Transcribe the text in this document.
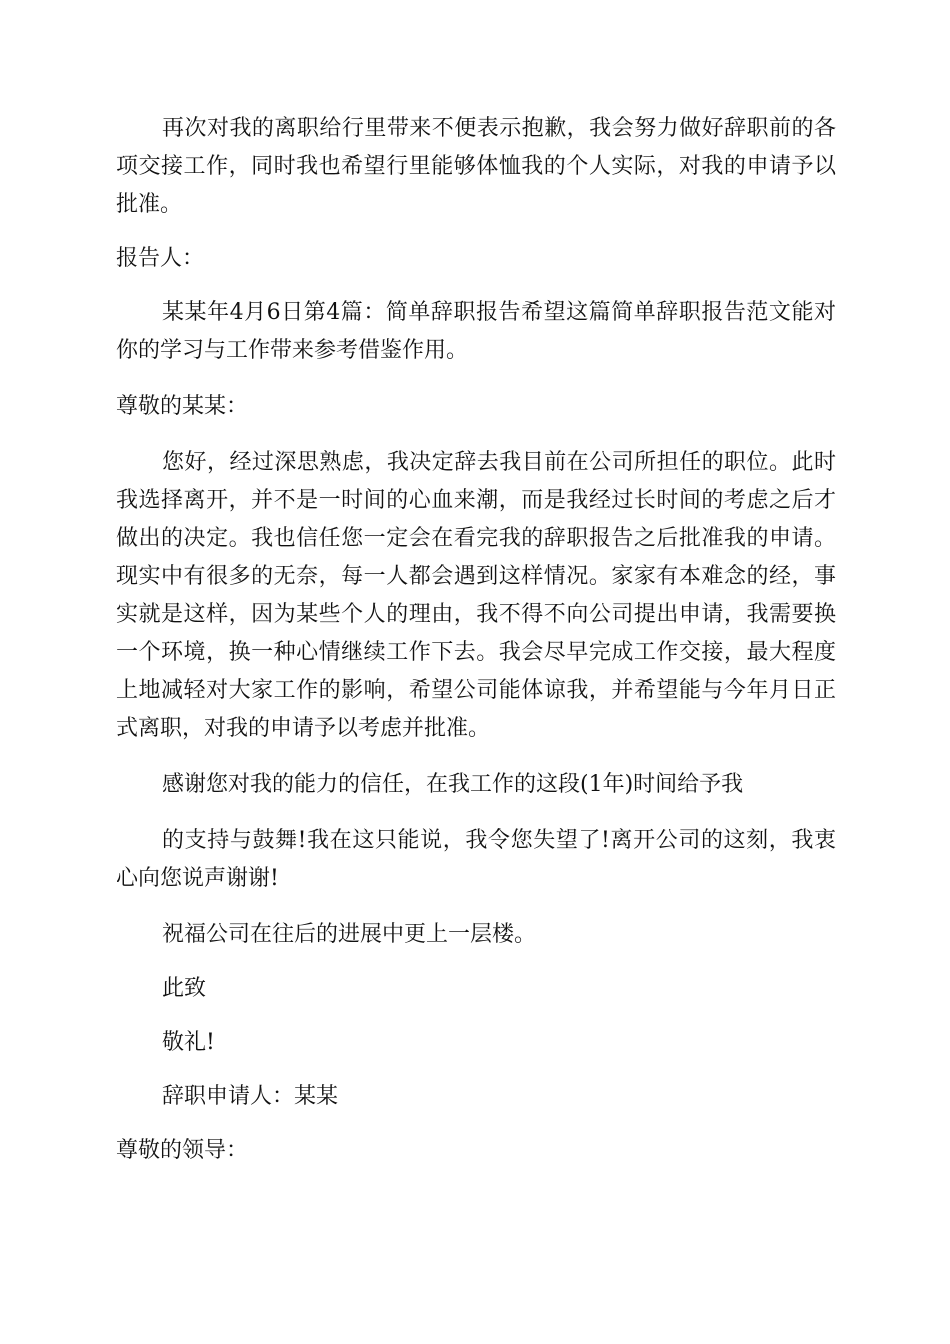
再次对我的离职给行里带来不便表示抱歉，我会努力做好辞职前的各项交接工作，同时我也希望行里能够体恤我的个人实际，对我的申请予以批准。

报告人：

某某年4月6日第4篇：简单辞职报告希望这篇简单辞职报告范文能对你的学习与工作带来参考借鉴作用。

尊敬的某某：

您好，经过深思熟虑，我决定辞去我目前在公司所担任的职位。此时我选择离开，并不是一时间的心血来潮，而是我经过长时间的考虑之后才做出的决定。我也信任您一定会在看完我的辞职报告之后批准我的申请。现实中有很多的无奈，每一人都会遇到这样情况。家家有本难念的经，事实就是这样，因为某些个人的理由，我不得不向公司提出申请，我需要换一个环境，换一种心情继续工作下去。我会尽早完成工作交接，最大程度上地减轻对大家工作的影响，希望公司能体谅我，并希望能与今年月日正式离职，对我的申请予以考虑并批准。

感谢您对我的能力的信任，在我工作的这段(1年)时间给予我

的支持与鼓舞!我在这只能说，我令您失望了!离开公司的这刻，我衷心向您说声谢谢!

祝福公司在往后的进展中更上一层楼。

此致

敬礼!

辞职申请人：某某

尊敬的领导：
